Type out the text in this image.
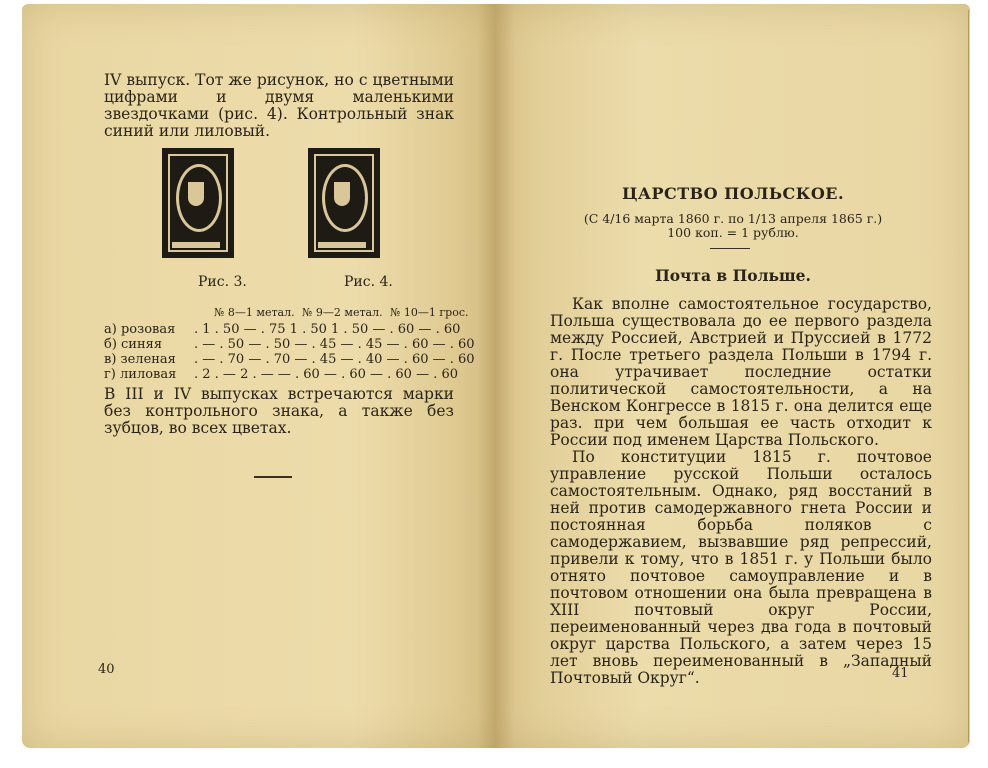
IV выпуск. Тот же рисунок, но с цветными цифрами и двумя маленькими звездочками (рис. 4). Контрольный знак синий или лиловый.

Рис. 3.	Рис. 4.
№ 8—1 метал. № 9—2 метал. № 10—1 грос.
а) розовая . 1 . 50 — . 75 1 . 50 1 . 50 — . 60 — . 60
б) синяя . — . 50 — . 50 — . 45 — . 45 — . 60 — . 60
в) зеленая . — . 70 — . 70 — . 45 — . 40 — . 60 — . 60
г) лиловая . 2 . — 2 . — — . 60 — . 60 — . 60 — . 60

В III и IV выпусках встречаются марки без контрольного знака, а также без зубцов, во всех цветах.

40
ЦАРСТВО ПОЛЬСКОЕ.
(С 4/16 марта 1860 г. по 1/13 апреля 1865 г.)
100 коп. = 1 рублю.
Почта в Польше.

Как вполне самостоятельное государство, Польша существовала до ее первого раздела между Россией, Австрией и Пруссией в 1772 г. После третьего раздела Польши в 1794 г. она утрачивает последние остатки политической самостоятельности, а на Венском Конгрессе в 1815 г. она делится еще раз. при чем большая ее часть отходит к России под именем Царства Польского.

По конституции 1815 г. почтовое управление русской Польши осталось самостоятельным. Однако, ряд восстаний в ней против самодержавного гнета России и постоянная борьба поляков с самодержавием, вызвавшие ряд репрессий, привели к тому, что в 1851 г. у Польши было отнято почтовое самоуправление и в почтовом отношении она была превращена в XIII почтовый округ России, переименованный через два года в почтовый округ царства Польского, а затем через 15 лет вновь переименованный в „Западный Почтовый Округ“.	41
